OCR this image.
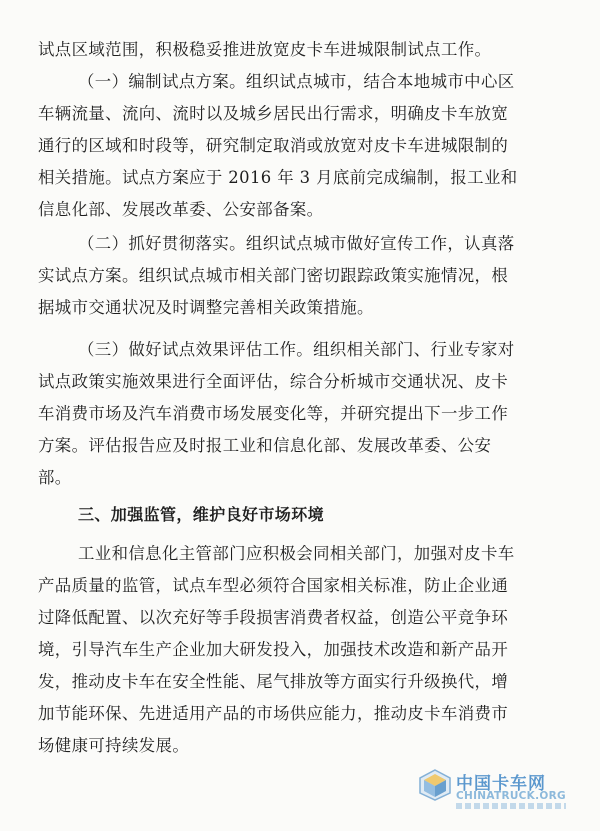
试点区域范围，积极稳妥推进放宽皮卡车进城限制试点工作。
（一）编制试点方案。组织试点城市，结合本地城市中心区
车辆流量、流向、流时以及城乡居民出行需求，明确皮卡车放宽
通行的区域和时段等，研究制定取消或放宽对皮卡车进城限制的
相关措施。试点方案应于 2016 年 3 月底前完成编制，报工业和
信息化部、发展改革委、公安部备案。
（二）抓好贯彻落实。组织试点城市做好宣传工作，认真落
实试点方案。组织试点城市相关部门密切跟踪政策实施情况，根
据城市交通状况及时调整完善相关政策措施。
（三）做好试点效果评估工作。组织相关部门、行业专家对
试点政策实施效果进行全面评估，综合分析城市交通状况、皮卡
车消费市场及汽车消费市场发展变化等，并研究提出下一步工作
方案。评估报告应及时报工业和信息化部、发展改革委、公安
部。
三、加强监管，维护良好市场环境
工业和信息化主管部门应积极会同相关部门，加强对皮卡车
产品质量的监管，试点车型必须符合国家相关标准，防止企业通
过降低配置、以次充好等手段损害消费者权益，创造公平竞争环
境，引导汽车生产企业加大研发投入，加强技术改造和新产品开
发，推动皮卡车在安全性能、尾气排放等方面实行升级换代，增
加节能环保、先进适用产品的市场供应能力，推动皮卡车消费市
场健康可持续发展。
中国卡车网
CHINATRUCK.ORG
